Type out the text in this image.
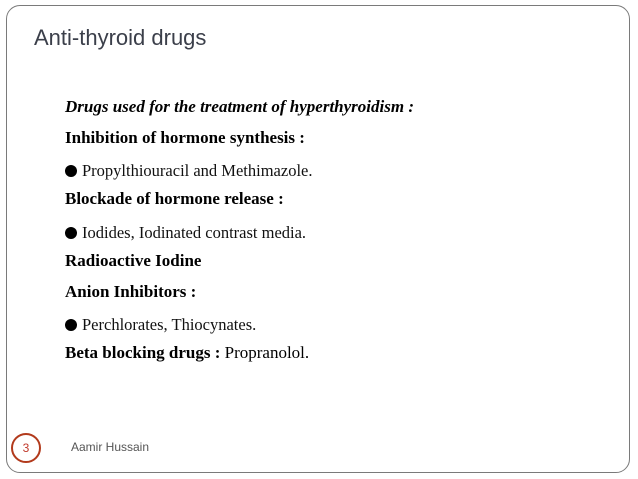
Anti-thyroid drugs
Drugs used for the treatment of hyperthyroidism :
Inhibition of hormone synthesis :
Propylthiouracil and Methimazole.
Blockade of hormone release :
Iodides, Iodinated contrast media.
Radioactive Iodine
Anion Inhibitors :
Perchlorates, Thiocynates.
Beta blocking drugs : Propranolol.
3	Aamir Hussain
